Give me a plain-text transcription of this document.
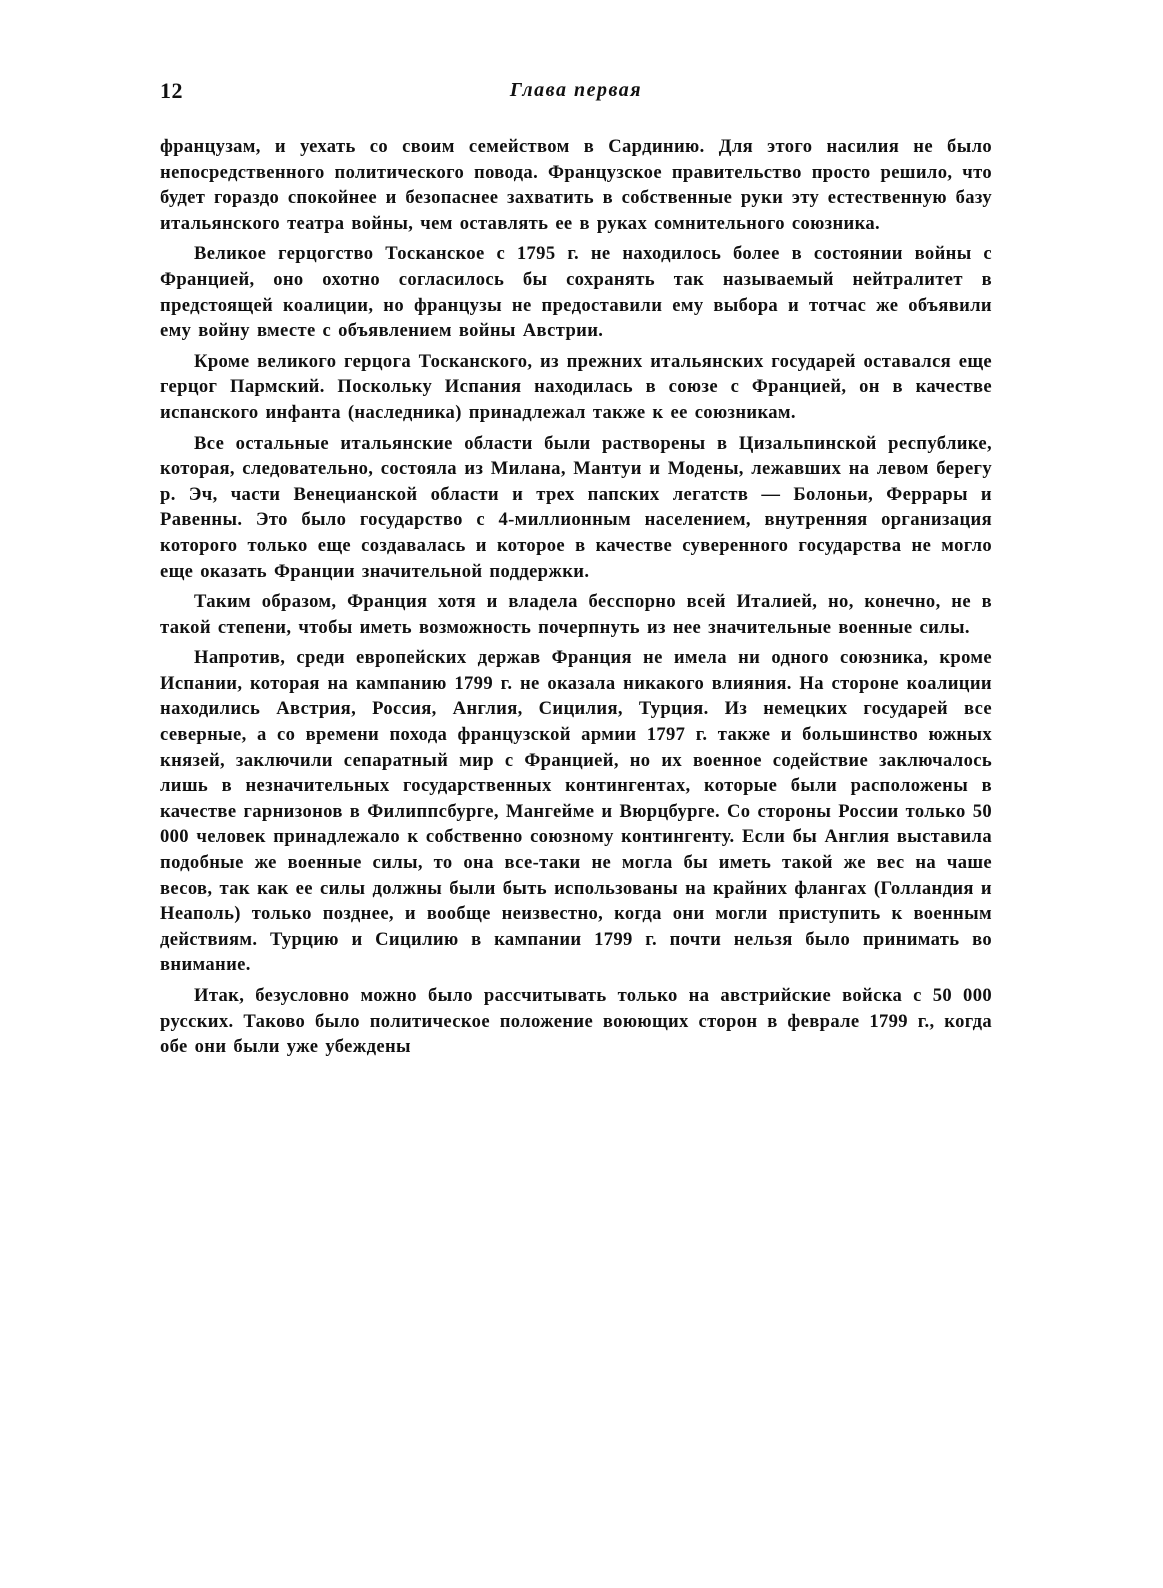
12	Глава первая

французам, и уехать со своим семейством в Сардинию. Для этого насилия не было непосредственного политического повода. Французское правительство просто решило, что будет гораздо спокойнее и безопаснее захватить в собственные руки эту естественную базу итальянского театра войны, чем оставлять ее в руках сомнительного союзника.

Великое герцогство Тосканское с 1795 г. не находилось более в состоянии войны с Францией, оно охотно согласилось бы сохранять так называемый нейтралитет в предстоящей коалиции, но французы не предоставили ему выбора и тотчас же объявили ему войну вместе с объявлением войны Австрии.

Кроме великого герцога Тосканского, из прежних итальянских государей оставался еще герцог Пармский. Поскольку Испания находилась в союзе с Францией, он в качестве испанского инфанта (наследника) принадлежал также к ее союзникам.

Все остальные итальянские области были растворены в Цизальпинской республике, которая, следовательно, состояла из Милана, Мантуи и Модены, лежавших на левом берегу р. Эч, части Венецианской области и трех папских легатств — Болоньи, Феррары и Равенны. Это было государство с 4-миллионным населением, внутренняя организация которого только еще создавалась и которое в качестве суверенного государства не могло еще оказать Франции значительной поддержки.

Таким образом, Франция хотя и владела бесспорно всей Италией, но, конечно, не в такой степени, чтобы иметь возможность почерпнуть из нее значительные военные силы.

Напротив, среди европейских держав Франция не имела ни одного союзника, кроме Испании, которая на кампанию 1799 г. не оказала никакого влияния. На стороне коалиции находились Австрия, Россия, Англия, Сицилия, Турция. Из немецких государей все северные, а со времени похода французской армии 1797 г. также и большинство южных князей, заключили сепаратный мир с Францией, но их военное содействие заключалось лишь в незначительных государственных контингентах, которые были расположены в качестве гарнизонов в Филиппсбурге, Мангейме и Вюрцбурге. Со стороны России только 50 000 человек принадлежало к собственно союзному контингенту. Если бы Англия выставила подобные же военные силы, то она все-таки не могла бы иметь такой же вес на чаше весов, так как ее силы должны были быть использованы на крайних флангах (Голландия и Неаполь) только позднее, и вообще неизвестно, когда они могли приступить к военным действиям. Турцию и Сицилию в кампании 1799 г. почти нельзя было принимать во внимание.

Итак, безусловно можно было рассчитывать только на австрийские войска с 50 000 русских. Таково было политическое положение воюющих сторон в феврале 1799 г., когда обе они были уже убеждены
